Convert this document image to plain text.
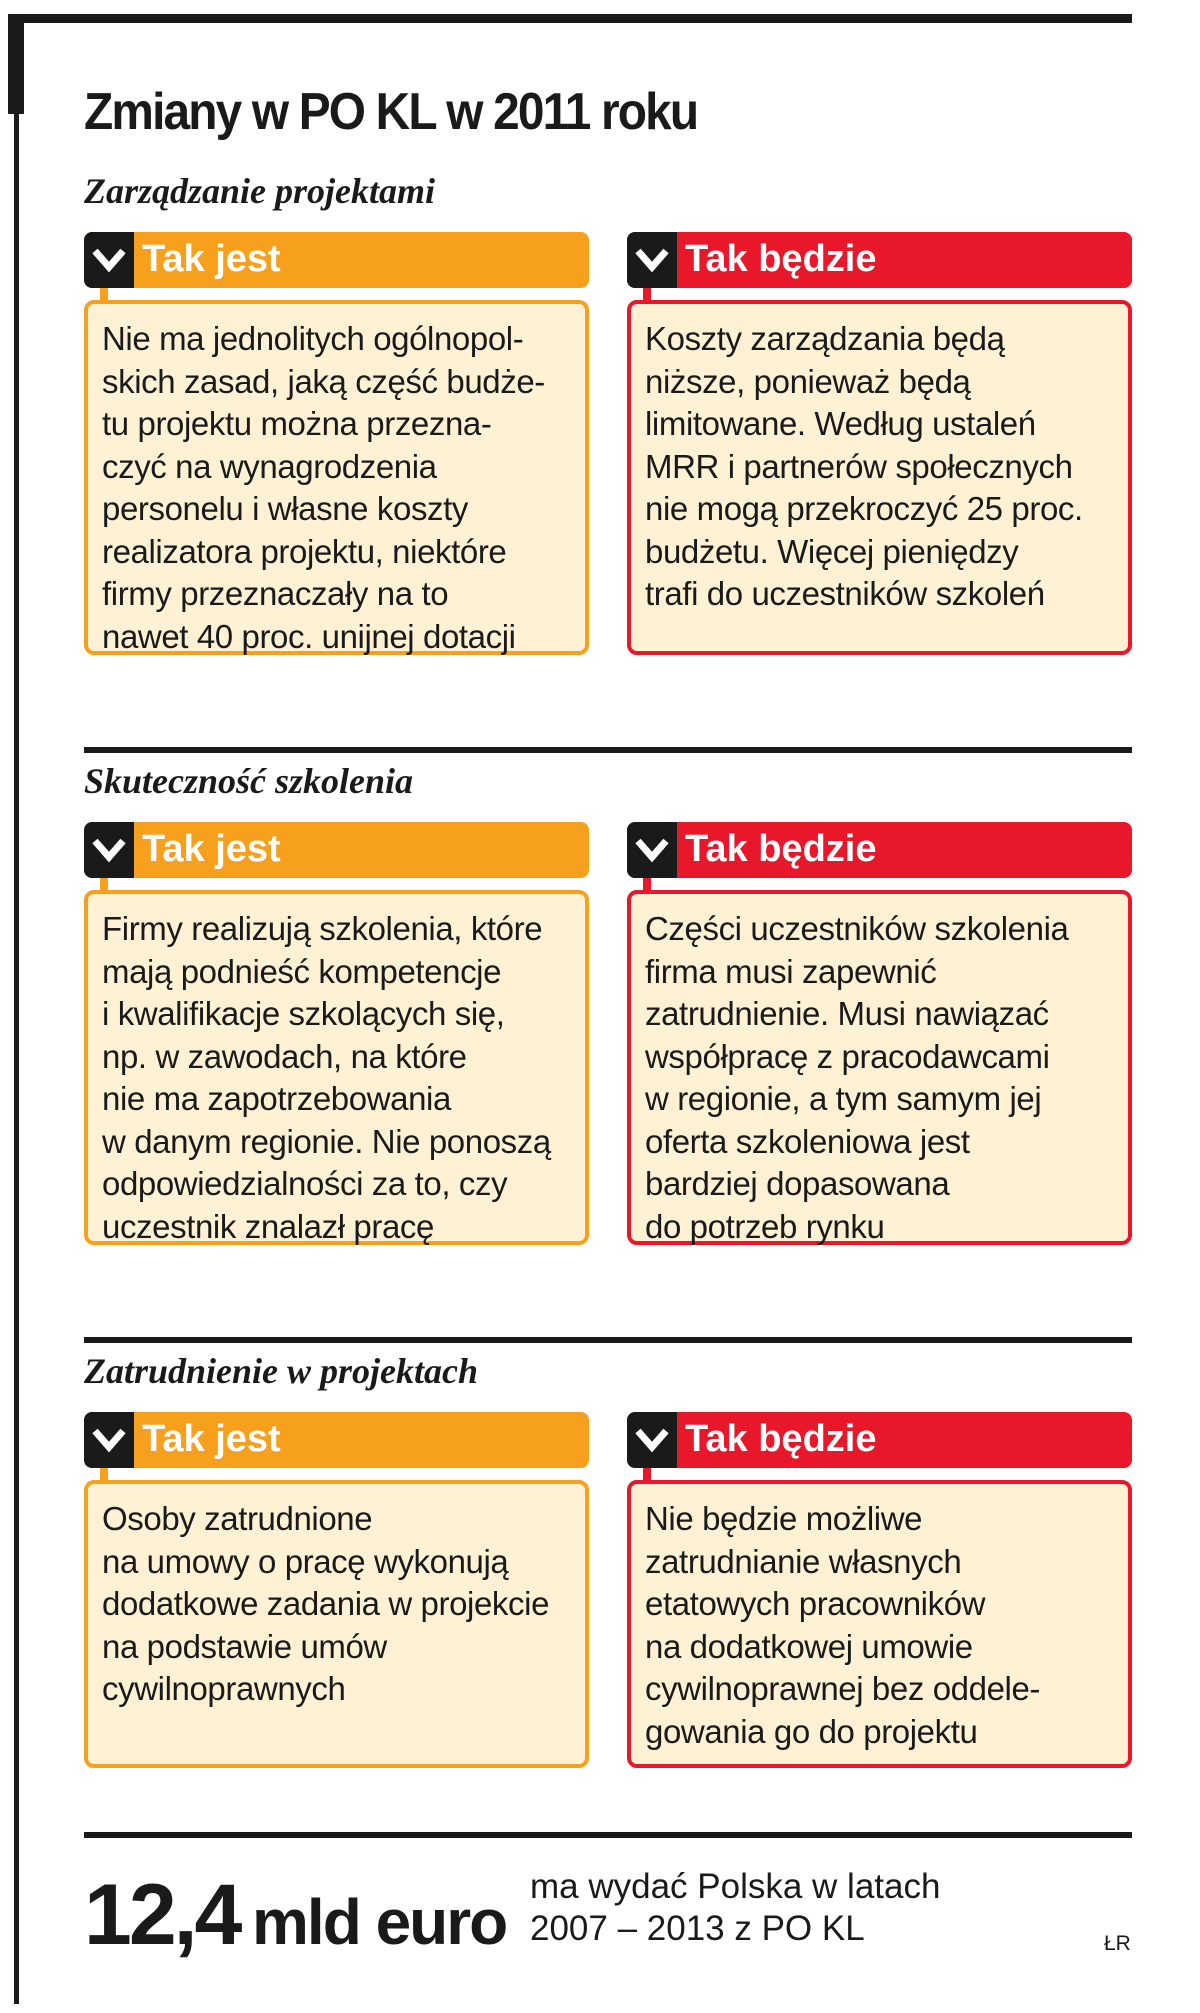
Zmiany w PO KL w 2011 roku
Zarządzanie projektami
Tak jest

Nie ma jednolitych ogólnopol-
skich zasad, jaką część budże-
tu projektu można przezna-
czyć na wynagrodzenia
personelu i własne koszty
realizatora projektu, niektóre
firmy przeznaczały na to
nawet 40 proc. unijnej dotacji

Tak będzie

Koszty zarządzania będą
niższe, ponieważ będą
limitowane. Według ustaleń
MRR i partnerów społecznych
nie mogą przekroczyć 25 proc.
budżetu. Więcej pieniędzy
trafi do uczestników szkoleń

Skuteczność szkolenia
Tak jest

Firmy realizują szkolenia, które
mają podnieść kompetencje
i kwalifikacje szkolących się,
np. w zawodach, na które
nie ma zapotrzebowania
w danym regionie. Nie ponoszą
odpowiedzialności za to, czy
uczestnik znalazł pracę

Tak będzie

Części uczestników szkolenia
firma musi zapewnić
zatrudnienie. Musi nawiązać
współpracę z pracodawcami
w regionie, a tym samym jej
oferta szkoleniowa jest
bardziej dopasowana
do potrzeb rynku

Zatrudnienie w projektach
Tak jest

Osoby zatrudnione
na umowy o pracę wykonują
dodatkowe zadania w projekcie
na podstawie umów
cywilnoprawnych

Tak będzie

Nie będzie możliwe
zatrudnianie własnych
etatowych pracowników
na dodatkowej umowie
cywilnoprawnej bez oddele-
gowania go do projektu

12,4 mld euro ma wydać Polska w latach
2007 – 2013 z PO KL	ŁR
